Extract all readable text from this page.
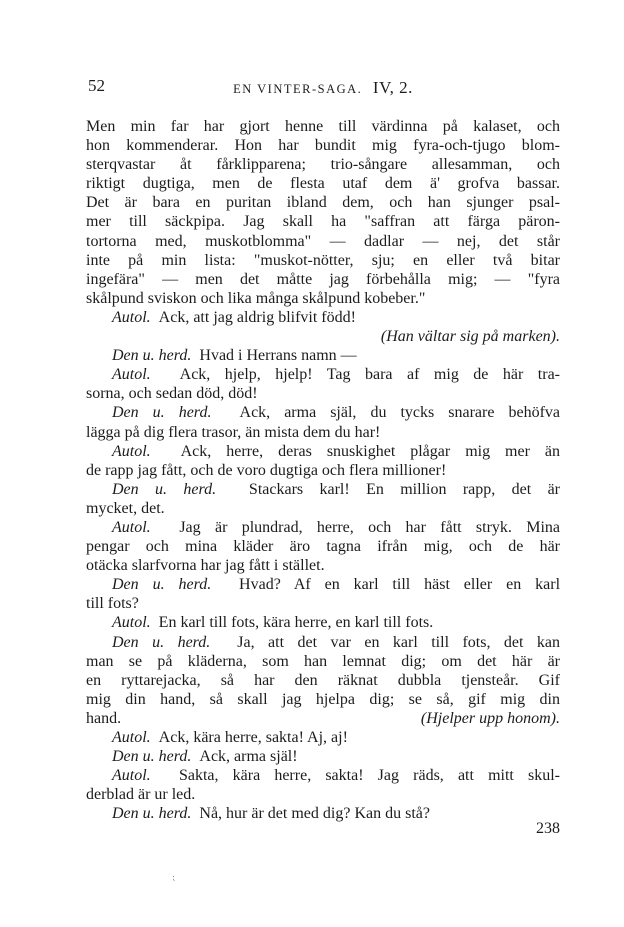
52	EN VINTER-SAGA. IV, 2.
Men min far har gjort henne till värdinna på kalaset, och
hon kommenderar. Hon har bundit mig fyra-och-tjugo blom-
sterqvastar åt fårklipparena; trio-sångare allesamman, och
riktigt dugtiga, men de flesta utaf dem ä' grofva bassar.
Det är bara en puritan ibland dem, och han sjunger psal-
mer till säckpipa. Jag skall ha "saffran att färga päron-
tortorna med, muskotblomma" — dadlar — nej, det står
inte på min lista: "muskot-nötter, sju; en eller två bitar
ingefära" — men det måtte jag förbehålla mig; — "fyra
skålpund sviskon och lika många skålpund kobeber."
Autol. Ack, att jag aldrig blifvit född!
(Han vältar sig på marken).
Den u. herd. Hvad i Herrans namn —
Autol. Ack, hjelp, hjelp! Tag bara af mig de här tra-
sorna, och sedan död, död!
Den u. herd. Ack, arma själ, du tycks snarare behöfva
lägga på dig flera trasor, än mista dem du har!
Autol. Ack, herre, deras snuskighet plågar mig mer än
de rapp jag fått, och de voro dugtiga och flera millioner!
Den u. herd. Stackars karl! En million rapp, det är
mycket, det.
Autol. Jag är plundrad, herre, och har fått stryk. Mina
pengar och mina kläder äro tagna ifrån mig, och de här
otäcka slarfvorna har jag fått i stället.
Den u. herd. Hvad? Af en karl till häst eller en karl
till fots?
Autol. En karl till fots, kära herre, en karl till fots.
Den u. herd. Ja, att det var en karl till fots, det kan
man se på kläderna, som han lemnat dig; om det här är
en ryttarejacka, så har den räknat dubbla tjensteår. Gif
mig din hand, så skall jag hjelpa dig; se så, gif mig din
hand.	(Hjelper upp honom).
Autol. Ack, kära herre, sakta! Aj, aj!
Den u. herd. Ack, arma själ!
Autol. Sakta, kära herre, sakta! Jag räds, att mitt skul-
derblad är ur led.
Den u. herd. Nå, hur är det med dig? Kan du stå?
238
⁏
